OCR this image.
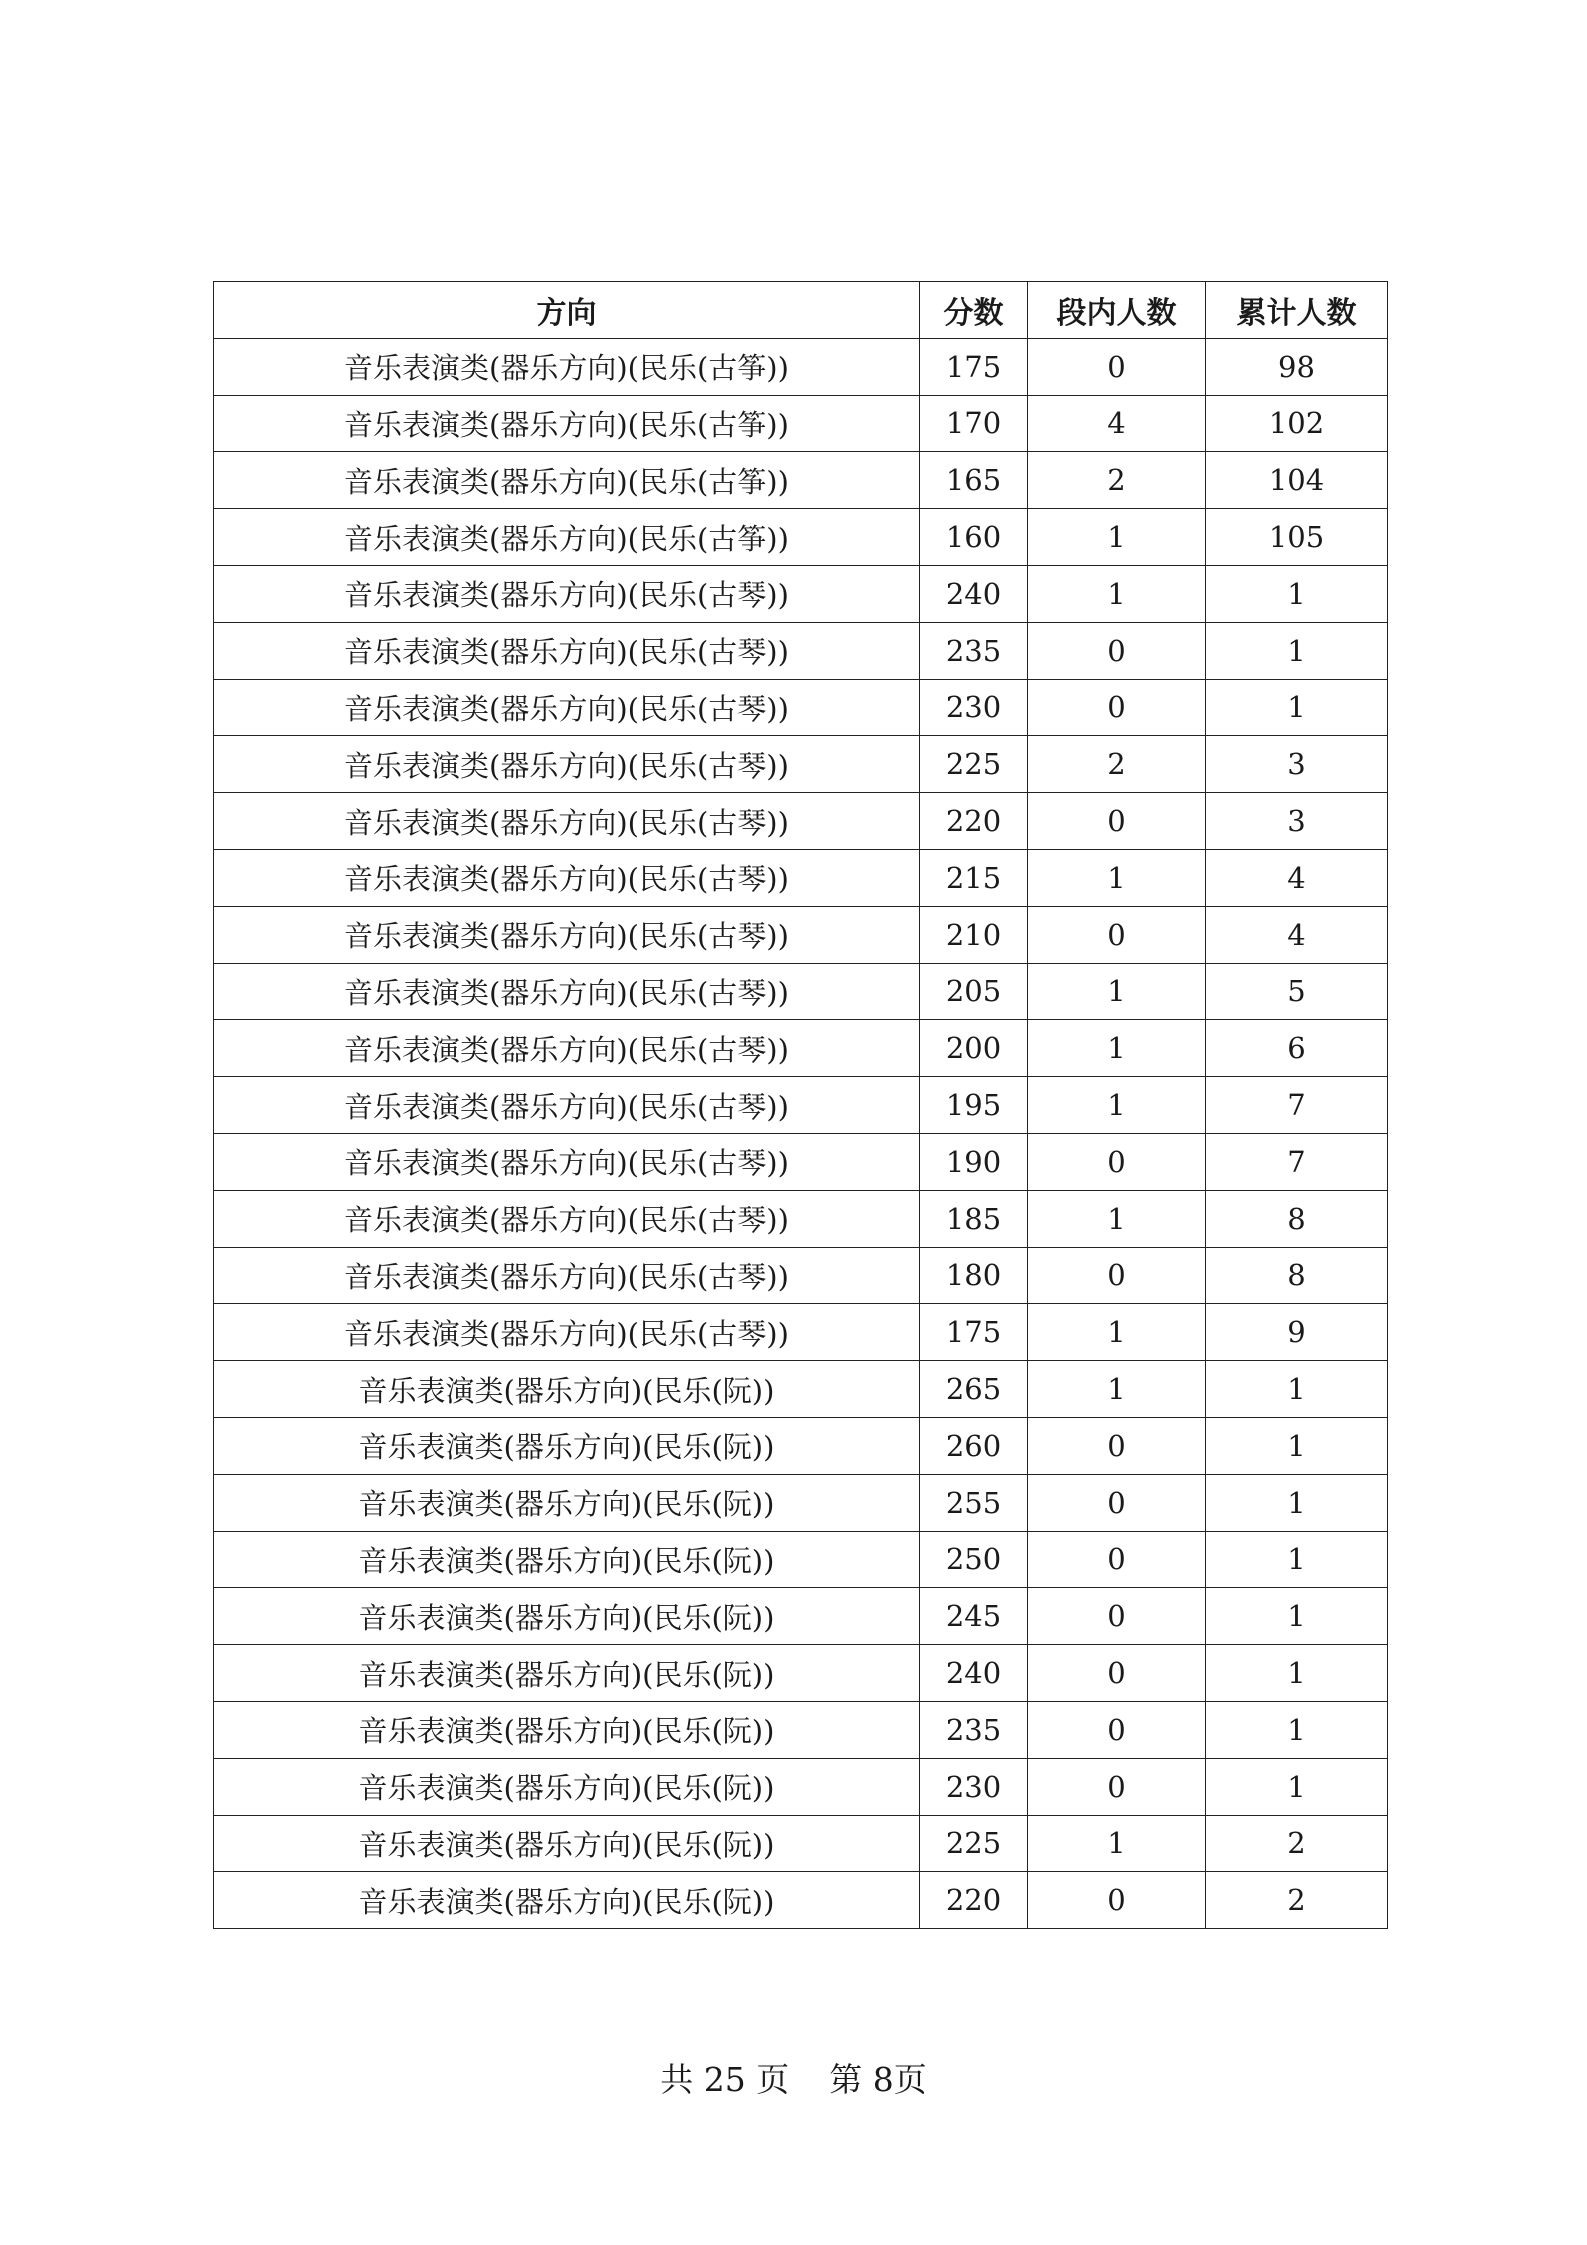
方向	分数	段内人数	累计人数
音乐表演类(器乐方向)(民乐(古筝))	175	0	98
音乐表演类(器乐方向)(民乐(古筝))	170	4	102
音乐表演类(器乐方向)(民乐(古筝))	165	2	104
音乐表演类(器乐方向)(民乐(古筝))	160	1	105
音乐表演类(器乐方向)(民乐(古琴))	240	1	1
音乐表演类(器乐方向)(民乐(古琴))	235	0	1
音乐表演类(器乐方向)(民乐(古琴))	230	0	1
音乐表演类(器乐方向)(民乐(古琴))	225	2	3
音乐表演类(器乐方向)(民乐(古琴))	220	0	3
音乐表演类(器乐方向)(民乐(古琴))	215	1	4
音乐表演类(器乐方向)(民乐(古琴))	210	0	4
音乐表演类(器乐方向)(民乐(古琴))	205	1	5
音乐表演类(器乐方向)(民乐(古琴))	200	1	6
音乐表演类(器乐方向)(民乐(古琴))	195	1	7
音乐表演类(器乐方向)(民乐(古琴))	190	0	7
音乐表演类(器乐方向)(民乐(古琴))	185	1	8
音乐表演类(器乐方向)(民乐(古琴))	180	0	8
音乐表演类(器乐方向)(民乐(古琴))	175	1	9
音乐表演类(器乐方向)(民乐(阮))	265	1	1
音乐表演类(器乐方向)(民乐(阮))	260	0	1
音乐表演类(器乐方向)(民乐(阮))	255	0	1
音乐表演类(器乐方向)(民乐(阮))	250	0	1
音乐表演类(器乐方向)(民乐(阮))	245	0	1
音乐表演类(器乐方向)(民乐(阮))	240	0	1
音乐表演类(器乐方向)(民乐(阮))	235	0	1
音乐表演类(器乐方向)(民乐(阮))	230	0	1
音乐表演类(器乐方向)(民乐(阮))	225	1	2
音乐表演类(器乐方向)(民乐(阮))	220	0	2
共 25 页 第 8页
